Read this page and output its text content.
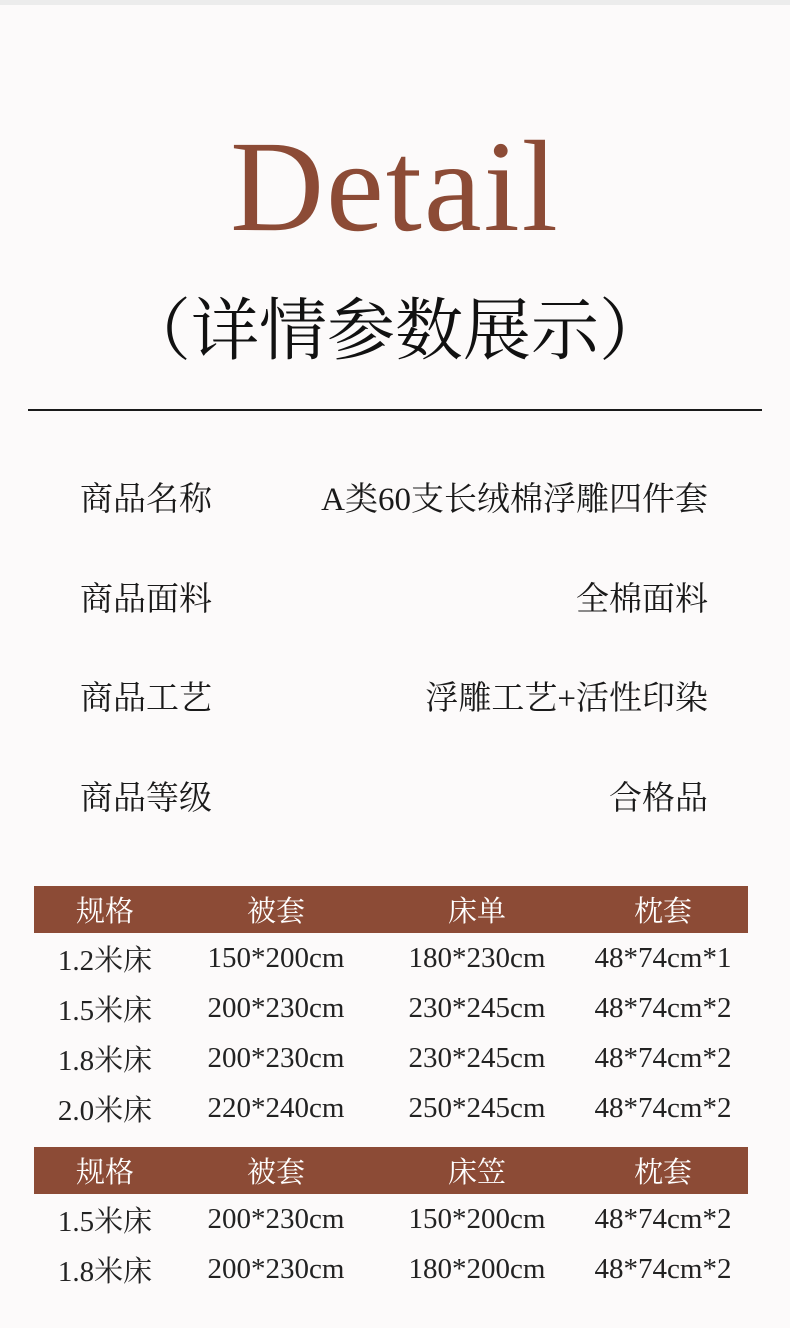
Detail
（详情参数展示）
商品名称	A类60支长绒棉浮雕四件套
商品面料	全棉面料
商品工艺	浮雕工艺+活性印染
商品等级	合格品
规格	被套	床单	枕套
1.2米床	150*200cm	180*230cm	48*74cm*1
1.5米床	200*230cm	230*245cm	48*74cm*2
1.8米床	200*230cm	230*245cm	48*74cm*2
2.0米床	220*240cm	250*245cm	48*74cm*2
规格	被套	床笠	枕套
1.5米床	200*230cm	150*200cm	48*74cm*2
1.8米床	200*230cm	180*200cm	48*74cm*2
